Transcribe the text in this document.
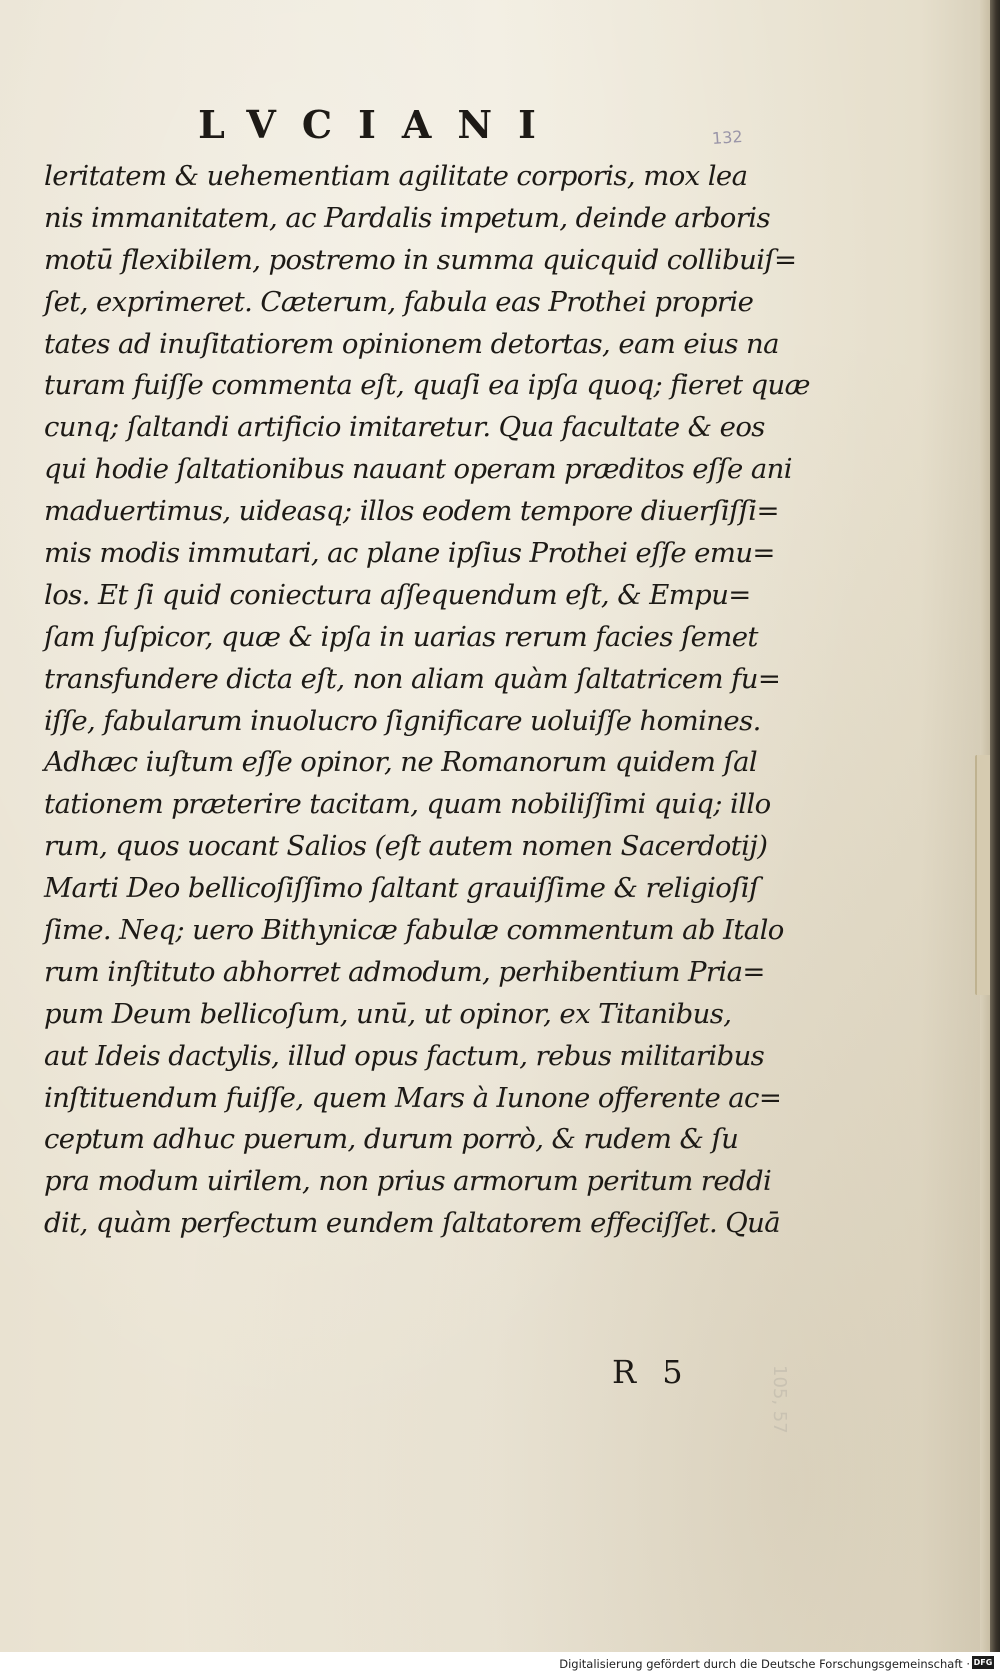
LVCIANI	132
leritatem & uehementiam agilitate corporis, mox lea
nis immanitatem, ac Pardalis impetum, deinde arboris
motū flexibilem, postremo in summa quicquid collibuiſ=
ſet, exprimeret. Cæterum, fabula eas Prothei proprie
tates ad inuſitatiorem opinionem detortas, eam eius na
turam fuiſſe commenta eſt, quaſi ea ipſa quoq; fieret quæ
cunq; ſaltandi artificio imitaretur. Qua facultate & eos
qui hodie ſaltationibus nauant operam præditos eſſe ani
maduertimus, uideasq; illos eodem tempore diuerſiſſi=
mis modis immutari, ac plane ipſius Prothei eſſe emu=
los. Et ſi quid coniectura aſſequendum eſt, & Empu=
ſam ſuſpicor, quæ & ipſa in uarias rerum facies ſemet
transfundere dicta eſt, non aliam quàm ſaltatricem fu=
iſſe, fabularum inuolucro ſignificare uoluiſſe homines.
Adhæc iuſtum eſſe opinor, ne Romanorum quidem ſal
tationem præterire tacitam, quam nobiliſſimi quiq; illo
rum, quos uocant Salios (eſt autem nomen Sacerdotij)
Marti Deo bellicoſiſſimo ſaltant grauiſſime & religioſiſ
ſime. Neq; uero Bithynicæ fabulæ commentum ab Italo
rum inſtituto abhorret admodum, perhibentium Pria=
pum Deum bellicoſum, unū, ut opinor, ex Titanibus,
aut Ideis dactylis, illud opus factum, rebus militaribus
inſtituendum fuiſſe, quem Mars à Iunone offerente ac=
ceptum adhuc puerum, durum porrò, & rudem & ſu
pra modum uirilem, non prius armorum peritum reddi
dit, quàm perfectum eundem ſaltatorem effeciſſet. Quā
R 5	105, 57
Digitalisierung gefördert durch die Deutsche Forschungsgemeinschaft · DFG
